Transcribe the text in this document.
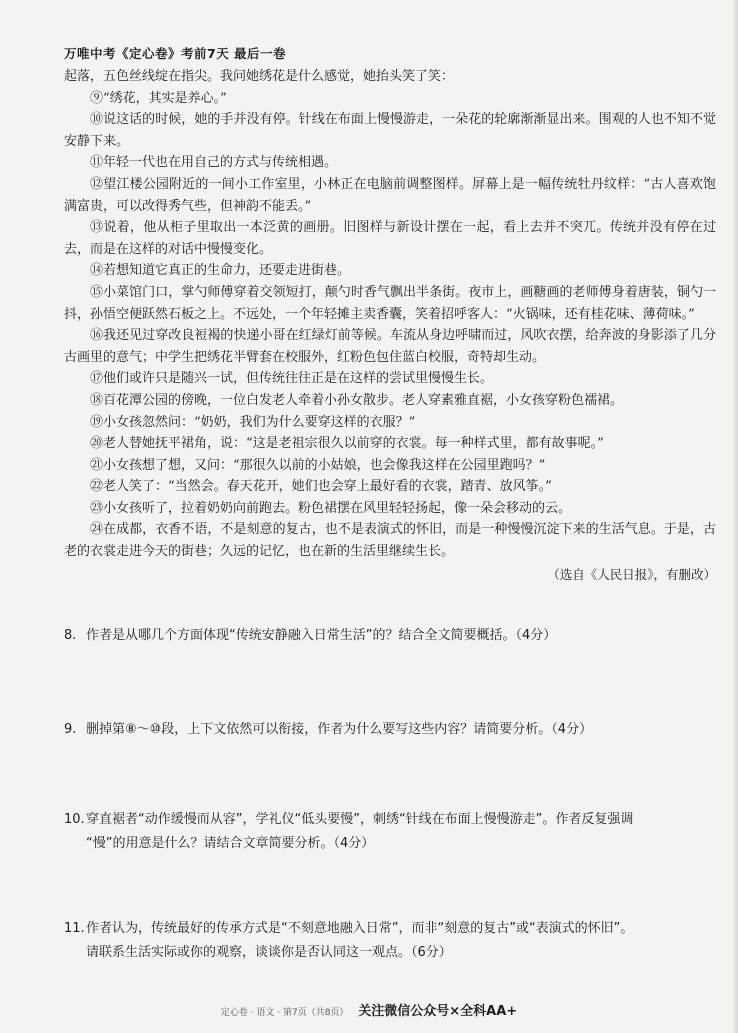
万唯中考《定心卷》考前7天 最后一卷

起落，五色丝线绽在指尖。我问她绣花是什么感觉，她抬头笑了笑：

⑨“绣花，其实是养心。”

⑩说这话的时候，她的手并没有停。针线在布面上慢慢游走，一朵花的轮廓渐渐显出来。围观的人也不知不觉安静下来。

⑪年轻一代也在用自己的方式与传统相遇。

⑫望江楼公园附近的一间小工作室里，小林正在电脑前调整图样。屏幕上是一幅传统牡丹纹样：“古人喜欢饱满富贵，可以改得秀气些，但神韵不能丢。”

⑬说着，他从柜子里取出一本泛黄的画册。旧图样与新设计摆在一起，看上去并不突兀。传统并没有停在过去，而是在这样的对话中慢慢变化。

⑭若想知道它真正的生命力，还要走进街巷。

⑮小菜馆门口，掌勺师傅穿着交领短打，颠勺时香气飘出半条街。夜市上，画糖画的老师傅身着唐装，铜勺一抖，孙悟空便跃然石板之上。不远处，一个年轻摊主卖香囊，笑着招呼客人：“火锅味，还有桂花味、薄荷味。”

⑯我还见过穿改良裋褐的快递小哥在红绿灯前等候。车流从身边呼啸而过，风吹衣摆，给奔波的身影添了几分古画里的意气；中学生把绣花半臂套在校服外，红粉色包住蓝白校服，奇特却生动。

⑰他们或许只是随兴一试，但传统往往正是在这样的尝试里慢慢生长。

⑱百花潭公园的傍晚，一位白发老人牵着小孙女散步。老人穿素雅直裾，小女孩穿粉色襦裙。

⑲小女孩忽然问：“奶奶，我们为什么要穿这样的衣服？”

⑳老人替她抚平裙角，说：“这是老祖宗很久以前穿的衣裳。每一种样式里，都有故事呢。”

㉑小女孩想了想，又问：“那很久以前的小姑娘，也会像我这样在公园里跑吗？”

㉒老人笑了：“当然会。春天花开，她们也会穿上最好看的衣裳，踏青、放风筝。”

㉓小女孩听了，拉着奶奶向前跑去。粉色裙摆在风里轻轻扬起，像一朵会移动的云。

㉔在成都，衣香不语，不是刻意的复古，也不是表演式的怀旧，而是一种慢慢沉淀下来的生活气息。于是，古老的衣裳走进今天的街巷；久远的记忆，也在新的生活里继续生长。

（选自《人民日报》，有删改）
8. 作者是从哪几个方面体现“传统安静融入日常生活”的？结合全文简要概括。（4分）
9. 删掉第⑧～⑩段，上下文依然可以衔接，作者为什么要写这些内容？请简要分析。（4分）
10.穿直裾者“动作缓慢而从容”，学礼仪“低头要慢”，刺绣“针线在布面上慢慢游走”。作者反复强调
“慢”的用意是什么？请结合文章简要分析。（4分）
11.作者认为，传统最好的传承方式是“不刻意地融入日常”，而非“刻意的复古”或“表演式的怀旧”。
请联系生活实际或你的观察，谈谈你是否认同这一观点。（6分）
定心卷 · 语文 · 第7页（共8页） 关注微信公众号×全科AA+
